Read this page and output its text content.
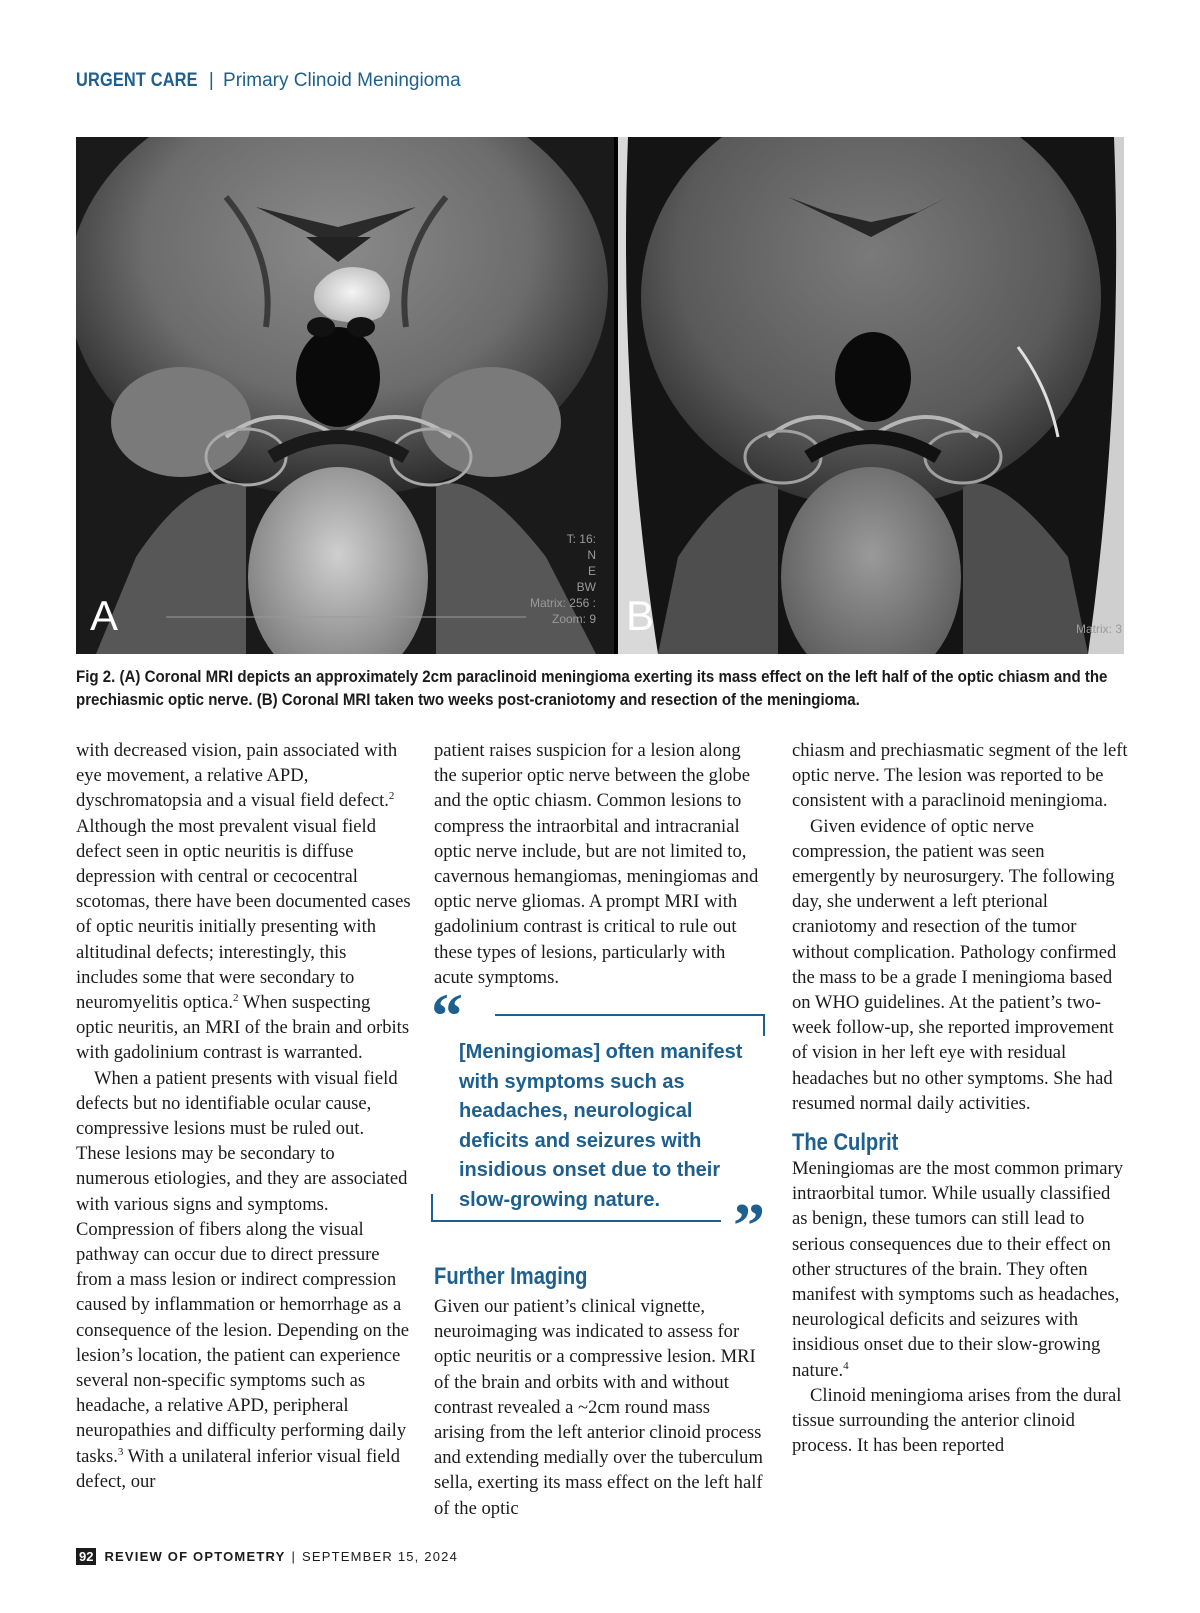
URGENT CARE | Primary Clinoid Meningioma
A
T: 16:
N
E
BW
Matrix: 256 :
Zoom: 9 B	Matrix: 3
Fig 2. (A) Coronal MRI depicts an approximately 2cm paraclinoid meningioma exerting its mass effect on the left half of the optic chiasm and the prechiasmic optic nerve. (B) Coronal MRI taken two weeks post-craniotomy and resection of the meningioma.

with decreased vision, pain associated with eye movement, a relative APD, dyschromatopsia and a visual field defect.$^2$ Although the most prevalent visual field defect seen in optic neuritis is diffuse depression with central or cecocentral scotomas, there have been documented cases of optic neuritis initially presenting with altitudinal defects; interestingly, this includes some that were secondary to neuromyelitis optica.$^2$ When suspecting optic neuritis, an MRI of the brain and orbits with gadolinium contrast is warranted.

When a patient presents with visual field defects but no identifiable ocular cause, compressive lesions must be ruled out. These lesions may be secondary to numerous etiologies, and they are associated with various signs and symptoms. Compression of fibers along the visual pathway can occur due to direct pressure from a mass lesion or indirect compression caused by inflammation or hemorrhage as a consequence of the lesion. Depending on the lesion’s location, the patient can experience several non-specific symptoms such as headache, a relative APD, peripheral neuropathies and difficulty performing daily tasks.$^3$ With a unilateral inferior visual field defect, our

patient raises suspicion for a lesion along the superior optic nerve between the globe and the optic chiasm. Common lesions to compress the intraorbital and intracranial optic nerve include, but are not limited to, cavernous hemangiomas, meningiomas and optic nerve gliomas. A prompt MRI with gadolinium contrast is critical to rule out these types of lesions, particularly with acute symptoms.

“
[Meningiomas] often manifest with symptoms such as headaches, neurological deficits and seizures with insidious onset due to their slow-growing nature.	”
Further Imaging

Given our patient’s clinical vignette, neuroimaging was indicated to assess for optic neuritis or a compressive lesion. MRI of the brain and orbits with and without contrast revealed a ~2cm round mass arising from the left anterior clinoid process and extending medially over the tuberculum sella, exerting its mass effect on the left half of the optic

chiasm and prechiasmatic segment of the left optic nerve. The lesion was reported to be consistent with a paraclinoid meningioma.

Given evidence of optic nerve compression, the patient was seen emergently by neurosurgery. The following day, she underwent a left pterional craniotomy and resection of the tumor without complication. Pathology confirmed the mass to be a grade I meningioma based on WHO guidelines. At the patient’s two-week follow-up, she reported improvement of vision in her left eye with residual headaches but no other symptoms. She had resumed normal daily activities.

The Culprit

Meningiomas are the most common primary intraorbital tumor. While usually classified as benign, these tumors can still lead to serious consequences due to their effect on other structures of the brain. They often manifest with symptoms such as headaches, neurological deficits and seizures with insidious onset due to their slow-growing nature.$^4$

Clinoid meningioma arises from the dural tissue surrounding the anterior clinoid process. It has been reported

92 REVIEW OF OPTOMETRY | SEPTEMBER 15, 2024
